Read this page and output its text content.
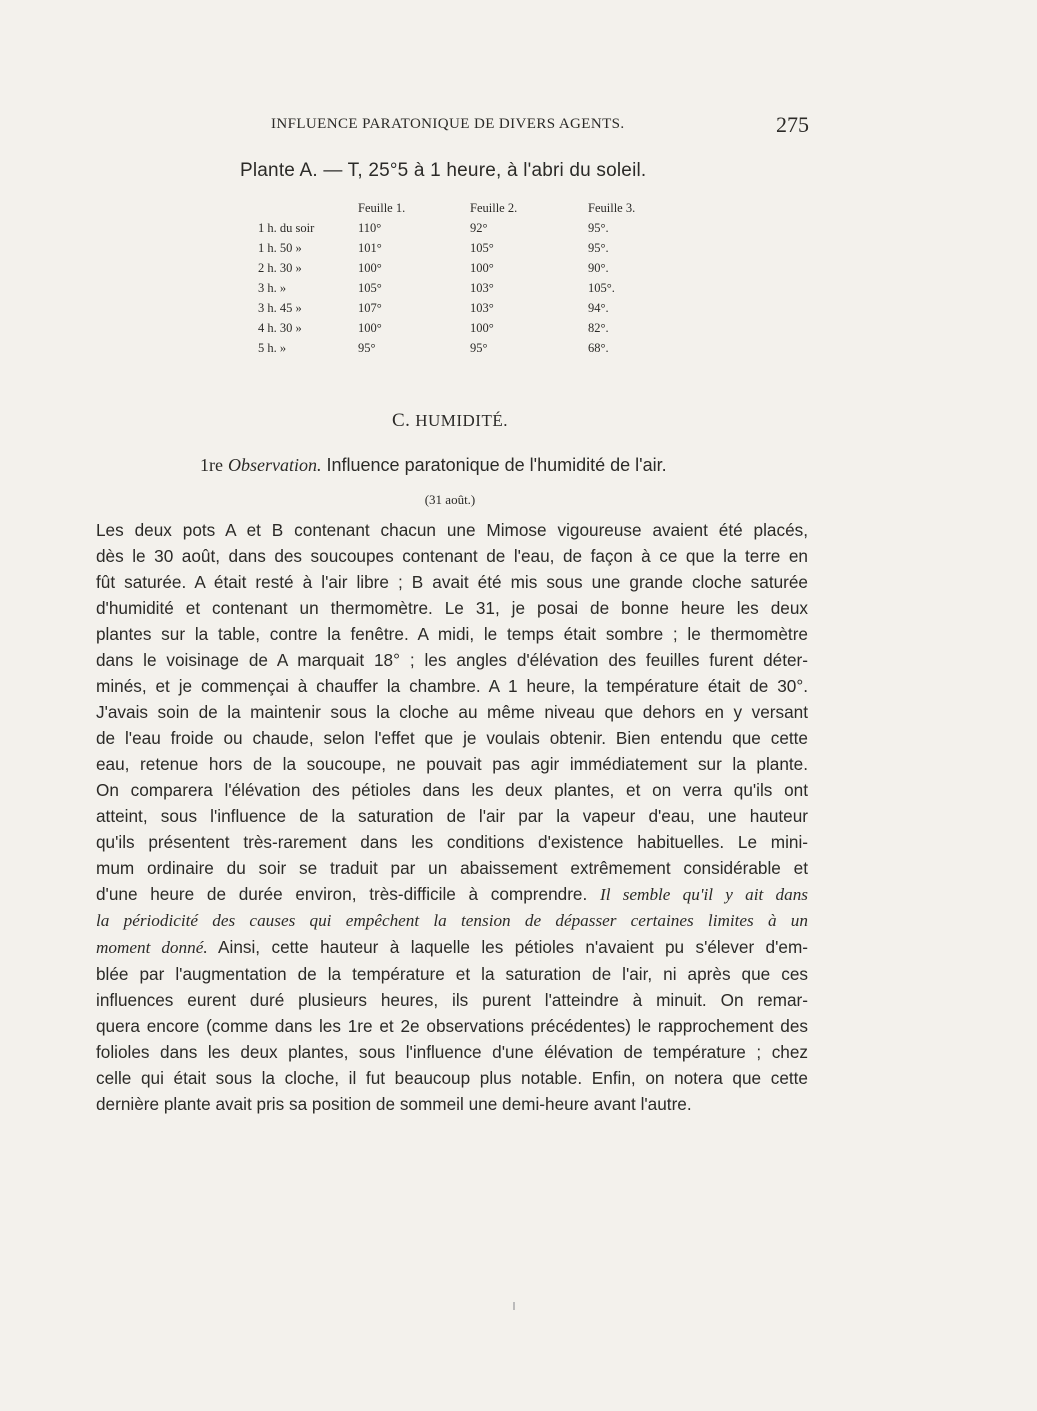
INFLUENCE PARATONIQUE DE DIVERS AGENTS.	275
Plante A. — T, 25°5 à 1 heure, à l'abri du soleil.
	Feuille 1.	Feuille 2.	Feuille 3.
1 h. du soir	110°	92°	95°.
1 h. 50 »	101°	105°	95°.
2 h. 30 »	100°	100°	90°.
3 h. »	105°	103°	105°.
3 h. 45 »	107°	103°	94°.
4 h. 30 »	100°	100°	82°.
5 h. »	95°	95°	68°.
C. HUMIDITÉ.
1re Observation. Influence paratonique de l'humidité de l'air.
(31 août.)
Les deux pots A et B contenant chacun une Mimose vigoureuse avaient été placés,
dès le 30 août, dans des soucoupes contenant de l'eau, de façon à ce que la terre en
fût saturée. A était resté à l'air libre ; B avait été mis sous une grande cloche saturée
d'humidité et contenant un thermomètre. Le 31, je posai de bonne heure les deux
plantes sur la table, contre la fenêtre. A midi, le temps était sombre ; le thermomètre
dans le voisinage de A marquait 18° ; les angles d'élévation des feuilles furent déter-
minés, et je commençai à chauffer la chambre. A 1 heure, la température était de 30°.
J'avais soin de la maintenir sous la cloche au même niveau que dehors en y versant
de l'eau froide ou chaude, selon l'effet que je voulais obtenir. Bien entendu que cette
eau, retenue hors de la soucoupe, ne pouvait pas agir immédiatement sur la plante.
On comparera l'élévation des pétioles dans les deux plantes, et on verra qu'ils ont
atteint, sous l'influence de la saturation de l'air par la vapeur d'eau, une hauteur
qu'ils présentent très-rarement dans les conditions d'existence habituelles. Le mini-
mum ordinaire du soir se traduit par un abaissement extrêmement considérable et
d'une heure de durée environ, très-difficile à comprendre. Il semble qu'il y ait dans
la périodicité des causes qui empêchent la tension de dépasser certaines limites à un
moment donné. Ainsi, cette hauteur à laquelle les pétioles n'avaient pu s'élever d'em-
blée par l'augmentation de la température et la saturation de l'air, ni après que ces
influences eurent duré plusieurs heures, ils purent l'atteindre à minuit. On remar-
quera encore (comme dans les 1re et 2e observations précédentes) le rapprochement des
folioles dans les deux plantes, sous l'influence d'une élévation de température ; chez
celle qui était sous la cloche, il fut beaucoup plus notable. Enfin, on notera que cette
dernière plante avait pris sa position de sommeil une demi-heure avant l'autre.
